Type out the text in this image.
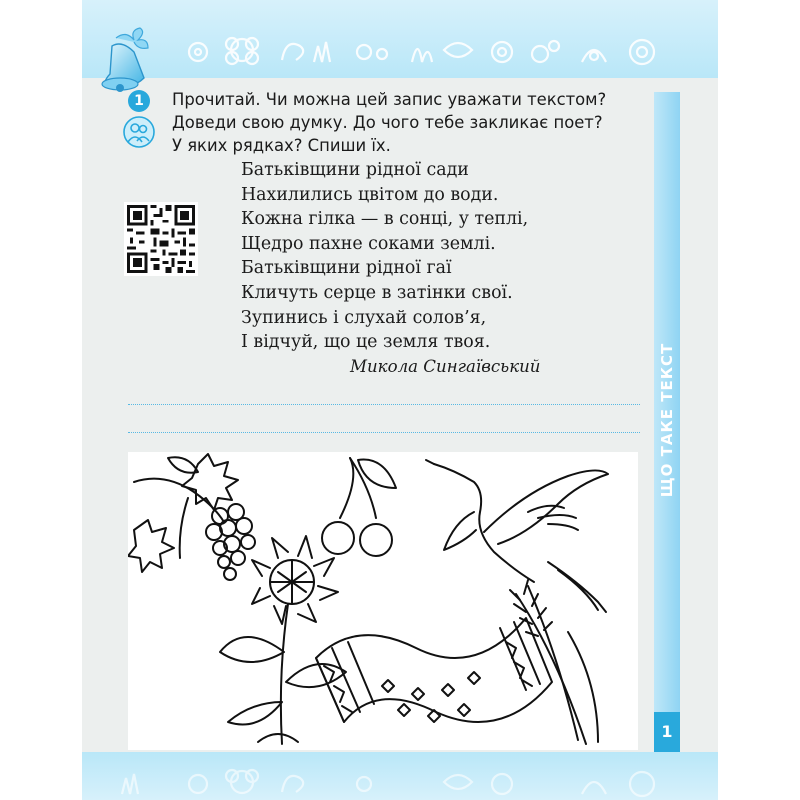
1	Прочитай. Чи можна цей запис уважати текстом?
Доведи свою думку. До чого тебе закликає поет?
У яких рядках? Спиши їх.
Батьківщини рідної сади
Нахилились цвітом до води.
Кожна гілка — в сонці, у теплі,
Щедро пахне соками землі.
Батьківщини рідної гаї
Кличуть серце в затінки свої.
Зупинись і слухай солов’я,
І відчуй, що це земля твоя.
Микола Сингаївський	ЩО ТАКЕ ТЕКСТ
1
